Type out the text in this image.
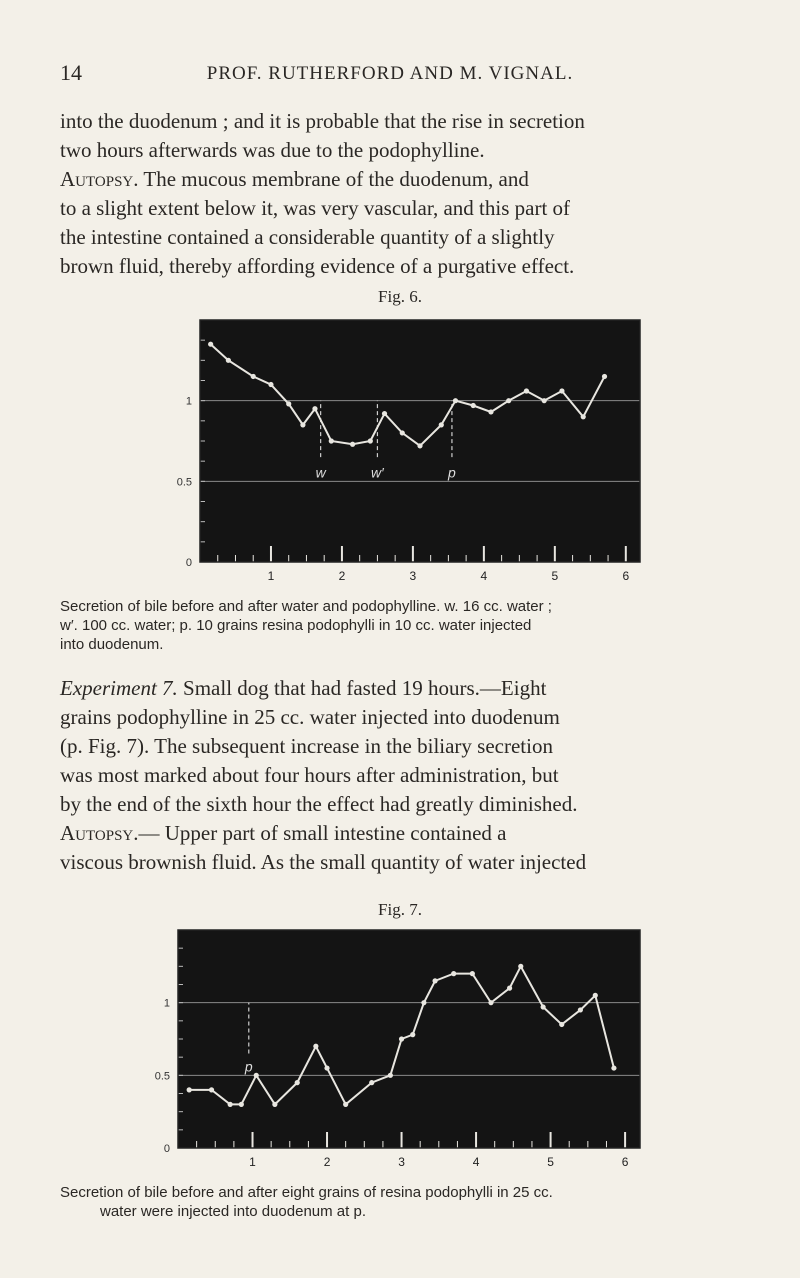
14	PROF. RUTHERFORD AND M. VIGNAL.

into the duodenum ; and it is probable that the rise in secretion
two hours afterwards was due to the podophylline.
Autopsy. The mucous membrane of the duodenum, and
to a slight extent below it, was very vascular, and this part of
the intestine contained a considerable quantity of a slightly
brown fluid, thereby affording evidence of a purgative effect.

Fig. 6.
0
0.5
1
1	2	3	4	5	6
w	w′	p

Secretion of bile before and after water and podophylline. w. 16 cc. water ;
w′. 100 cc. water; p. 10 grains resina podophylli in 10 cc. water injected
into duodenum.

Experiment 7. Small dog that had fasted 19 hours.—Eight
grains podophylline in 25 cc. water injected into duodenum
(p. Fig. 7). The subsequent increase in the biliary secretion
was most marked about four hours after administration, but
by the end of the sixth hour the effect had greatly diminished.
Autopsy.— Upper part of small intestine contained a
viscous brownish fluid. As the small quantity of water injected

Fig. 7.
0
0.5
1
1	2	3	4	5	6
p

Secretion of bile before and after eight grains of resina podophylli in 25 cc.
water were injected into duodenum at p.
